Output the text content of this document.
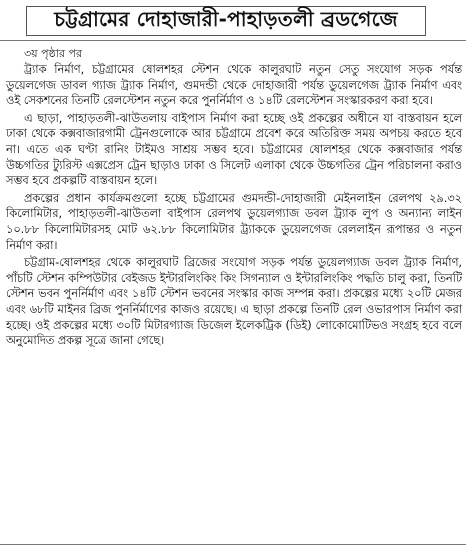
চট্টগ্রামের দোহাজারী-পাহাড়তলী ব্রডগেজে
৩য় পৃষ্ঠার পর

ট্র্যাক নির্মাণ, চট্টগ্রামের ষোলশহর স্টেশন থেকে কালুরঘাট নতুন সেতু সংযোগ সড়ক পর্যন্ত ডুয়েলগেজ ডাবল গ্যাজ ট্র্যাক নির্মাণ, গুমদন্ডী থেকে দোহাজারী পর্যন্ত ডুয়েলগেজ ট্র্যাক নির্মাণ এবং ওই সেকশনের তিনটি রেলস্টেশন নতুন করে পুনর্নির্মাণ ও ১৪টি রেলস্টেশন সংস্কারকরণ করা হবে।

এ ছাড়া, পাহাড়তলী-ঝাউতলায় বাইপাস নির্মাণ করা হচ্ছে ওই প্রকল্পের অধীনে যা বাস্তবায়ন হলে ঢাকা থেকে কক্সবাজারগামী ট্রেনগুলোকে আর চট্টগ্রামে প্রবেশ করে অতিরিক্ত সময় অপচয় করতে হবে না। এতে এক ঘণ্টা রানিং টাইমও সাশ্রয় সম্ভব হবে। চট্টগ্রামের ষোলশহর থেকে কক্সবাজার পর্যন্ত উচ্চগতির ট্যুরিস্ট এক্সপ্রেস ট্রেন ছাড়াও ঢাকা ও সিলেট এলাকা থেকে উচ্চগতির ট্রেন পরিচালনা করাও সম্ভব হবে প্রকল্পটি বাস্তবায়ন হলে।

প্রকল্পের প্রধান কার্যক্রমগুলো হচ্ছে চট্টগ্রামের গুমদন্ডী-দোহাজারী মেইনলাইন রেলপথ ২৯.৩২ কিলোমিটার, পাহাড়তলী-ঝাউতলা বাইপাস রেলপথ ডুয়েলগ্যাজ ডবল ট্র্যাক লুপ ও অন্যান্য লাইন ১০.৮৮ কিলোমিটারসহ মোট ৬২.৮৮ কিলোমিটার ট্র্যাককে ডুয়েলগেজ রেললাইন রূপান্তর ও নতুন নির্মাণ করা।

চট্টগ্রাম-ষোলশহর থেকে কালুরঘাট ব্রিজের সংযোগ সড়ক পর্যন্ত ডুয়েলগ্যাজ ডবল ট্র্যাক নির্মাণ, পাঁচটি স্টেশন কম্পিউটার বেইজড ইন্টারলিংকিং কিং সিগন্যাল ও ইন্টারলিংকিং পদ্ধতি চালু করা, তিনটি স্টেশন ভবন পুনর্নির্মাণ এবং ১৪টি স্টেশন ভবনের সংস্কার কাজ সম্পন্ন করা। প্রকল্পের মধ্যে ২০টি মেজর এবং ৬৮টি মাইনর ব্রিজ পুনর্নির্মাণের কাজও রয়েছে। এ ছাড়া প্রকল্পে তিনটি রেল ওভারপাস নির্মাণ করা হচ্ছে। ওই প্রকল্পের মধ্যে ৩০টি মিটারগ্যাজ ডিজেল ইলেকট্রিক (ডিই) লোকোমোটিভও সংগ্রহ হবে বলে অনুমোদিত প্রকল্প সূত্রে জানা গেছে।
